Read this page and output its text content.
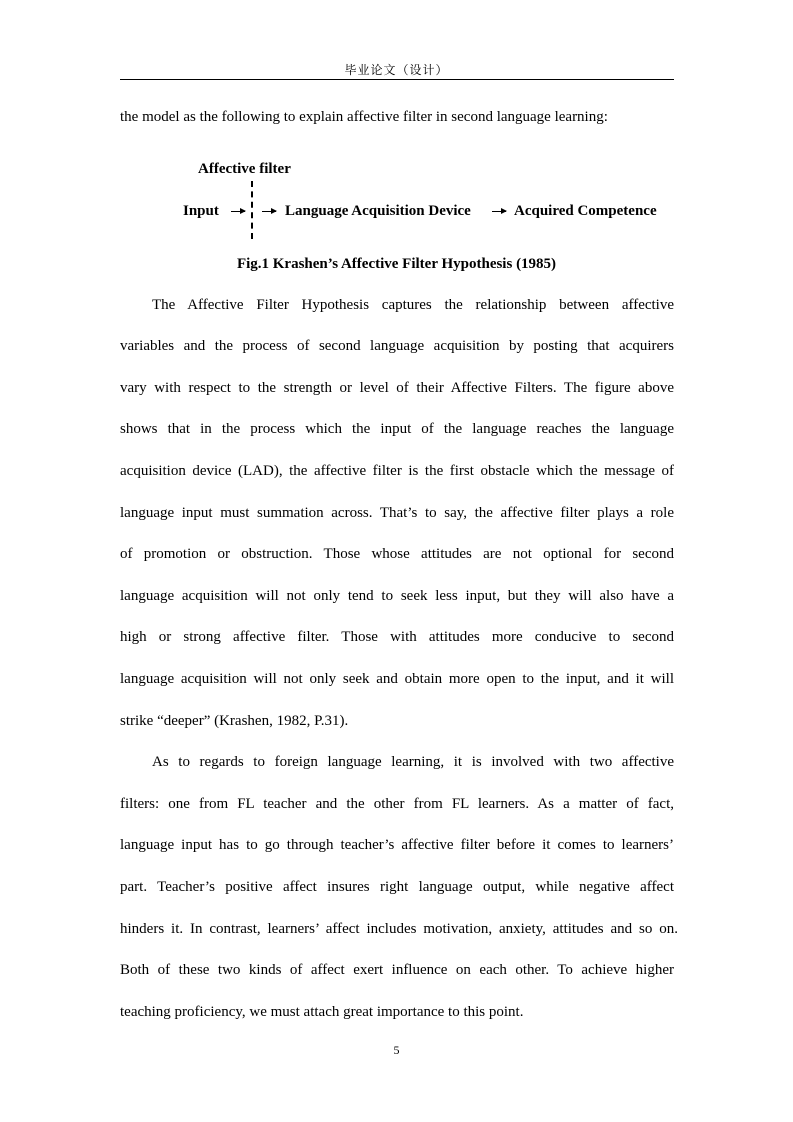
毕业论文（设计）
the model as the following to explain affective filter in second language learning:
Affective filter
Input	Language Acquisition Device	Acquired Competence
Fig.1 Krashen’s Affective Filter Hypothesis (1985)
The Affective Filter Hypothesis captures the relationship between affective
variables and the process of second language acquisition by posting that acquirers
vary with respect to the strength or level of their Affective Filters. The figure above
shows that in the process which the input of the language reaches the language
acquisition device (LAD), the affective filter is the first obstacle which the message of
language input must summation across. That’s to say, the affective filter plays a role
of promotion or obstruction. Those whose attitudes are not optional for second
language acquisition will not only tend to seek less input, but they will also have a
high or strong affective filter. Those with attitudes more conducive to second
language acquisition will not only seek and obtain more open to the input, and it will
strike “deeper” (Krashen, 1982, P.31).
As to regards to foreign language learning, it is involved with two affective
filters: one from FL teacher and the other from FL learners. As a matter of fact,
language input has to go through teacher’s affective filter before it comes to learners’
part. Teacher’s positive affect insures right language output, while negative affect
hinders it. In contrast, learners’ affect includes motivation, anxiety, attitudes and so on.
Both of these two kinds of affect exert influence on each other. To achieve higher
teaching proficiency, we must attach great importance to this point.
5
